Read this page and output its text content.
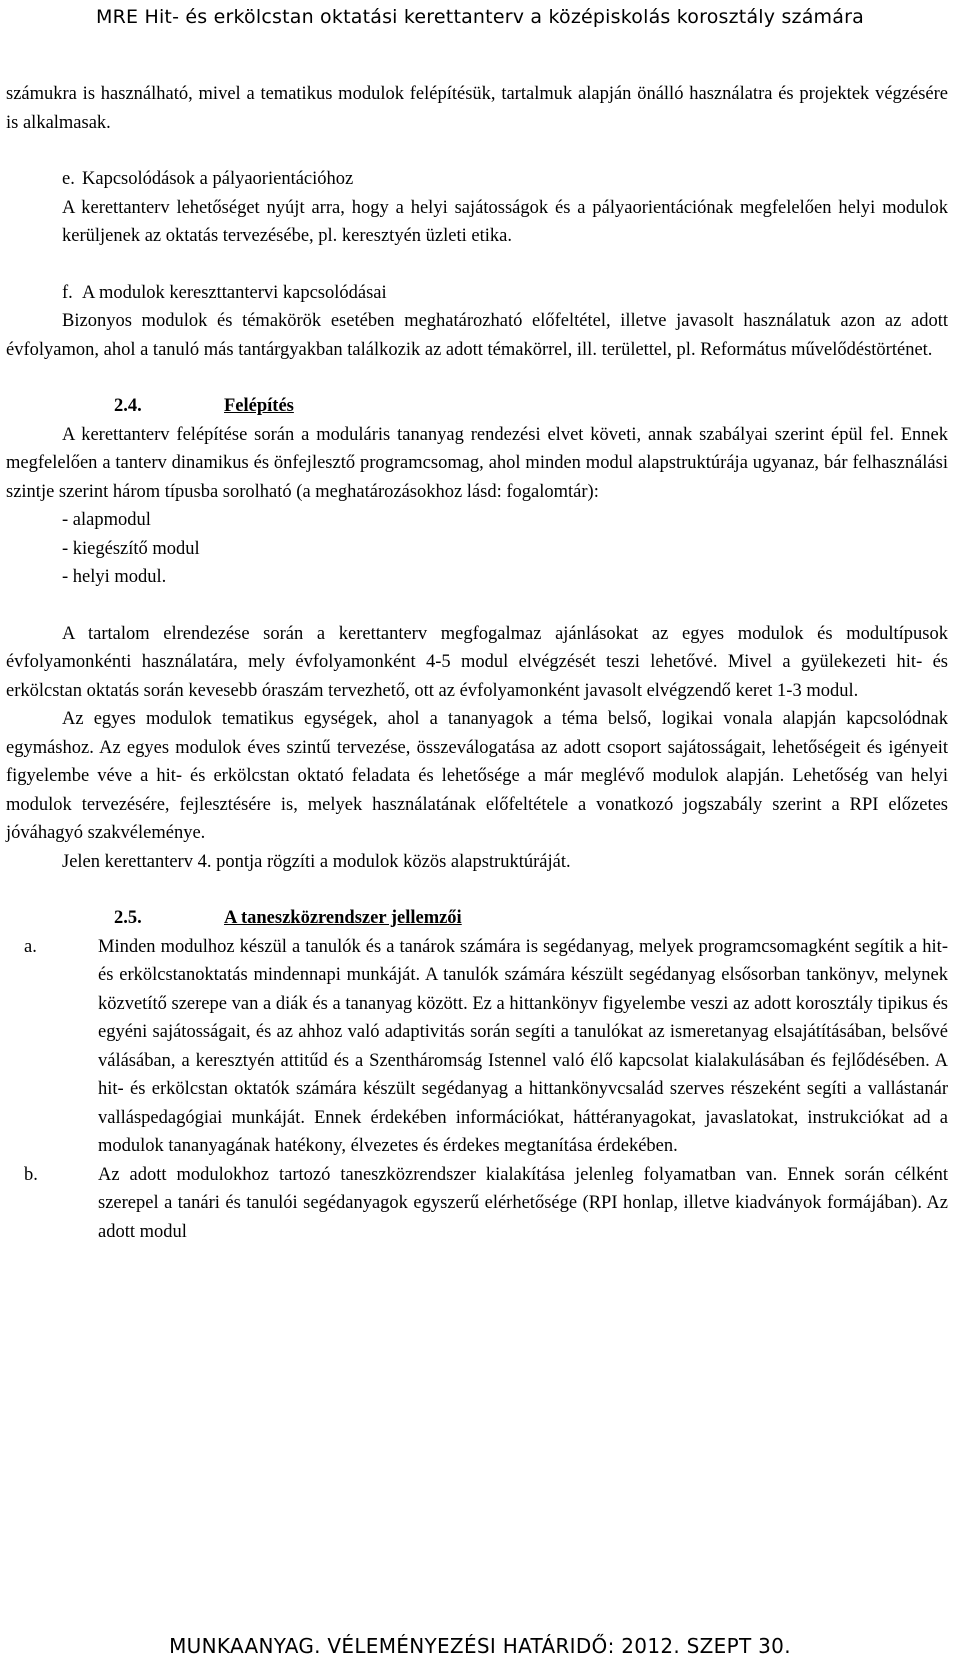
MRE Hit- és erkölcstan oktatási kerettanterv a középiskolás korosztály számára

számukra is használható, mivel a tematikus modulok felépítésük, tartalmuk alapján önálló használatra és projektek végzésére is alkalmasak.

e. Kapcsolódások a pályaorientációhoz

A kerettanterv lehetőséget nyújt arra, hogy a helyi sajátosságok és a pályaorientációnak megfelelően helyi modulok kerüljenek az oktatás tervezésébe, pl. keresztyén üzleti etika.

f. A modulok kereszttantervi kapcsolódásai

Bizonyos modulok és témakörök esetében meghatározható előfeltétel, illetve javasolt használatuk azon az adott évfolyamon, ahol a tanuló más tantárgyakban találkozik az adott témakörrel, ill. területtel, pl. Református művelődéstörténet.

2.4.	Felépítés

A kerettanterv felépítése során a moduláris tananyag rendezési elvet követi, annak szabályai szerint épül fel. Ennek megfelelően a tanterv dinamikus és önfejlesztő programcsomag, ahol minden modul alapstruktúrája ugyanaz, bár felhasználási szintje szerint három típusba sorolható (a meghatározásokhoz lásd: fogalomtár):

- alapmodul
- kiegészítő modul
- helyi modul.

A tartalom elrendezése során a kerettanterv megfogalmaz ajánlásokat az egyes modulok és modultípusok évfolyamonkénti használatára, mely évfolyamonként 4-5 modul elvégzését teszi lehetővé. Mivel a gyülekezeti hit- és erkölcstan oktatás során kevesebb óraszám tervezhető, ott az évfolyamonként javasolt elvégzendő keret 1-3 modul.

Az egyes modulok tematikus egységek, ahol a tananyagok a téma belső, logikai vonala alapján kapcsolódnak egymáshoz. Az egyes modulok éves szintű tervezése, összeválogatása az adott csoport sajátosságait, lehetőségeit és igényeit figyelembe véve a hit- és erkölcstan oktató feladata és lehetősége a már meglévő modulok alapján. Lehetőség van helyi modulok tervezésére, fejlesztésére is, melyek használatának előfeltétele a vonatkozó jogszabály szerint a RPI előzetes jóváhagyó szakvéleménye.

Jelen kerettanterv 4. pontja rögzíti a modulok közös alapstruktúráját.

2.5.	A taneszközrendszer jellemzői
a.	Minden modulhoz készül a tanulók és a tanárok számára is segédanyag, melyek programcsomagként segítik a hit- és erkölcstanoktatás mindennapi munkáját. A tanulók számára készült segédanyag elsősorban tankönyv, melynek közvetítő szerepe van a diák és a tananyag között. Ez a hittankönyv figyelembe veszi az adott korosztály tipikus és egyéni sajátosságait, és az ahhoz való adaptivitás során segíti a tanulókat az ismeretanyag elsajátításában, belsővé válásában, a keresztyén attitűd és a Szentháromság Istennel való élő kapcsolat kialakulásában és fejlődésében. A hit- és erkölcstan oktatók számára készült segédanyag a hittankönyvcsalád szerves részeként segíti a vallástanár valláspedagógiai munkáját. Ennek érdekében információkat, háttéranyagokat, javaslatokat, instrukciókat ad a modulok tananyagának hatékony, élvezetes és érdekes megtanítása érdekében.
b.	Az adott modulokhoz tartozó taneszközrendszer kialakítása jelenleg folyamatban van. Ennek során célként szerepel a tanári és tanulói segédanyagok egyszerű elérhetősége (RPI honlap, illetve kiadványok formájában). Az adott modul
MUNKAANYAG. VÉLEMÉNYEZÉSI HATÁRIDŐ: 2012. SZEPT 30.
